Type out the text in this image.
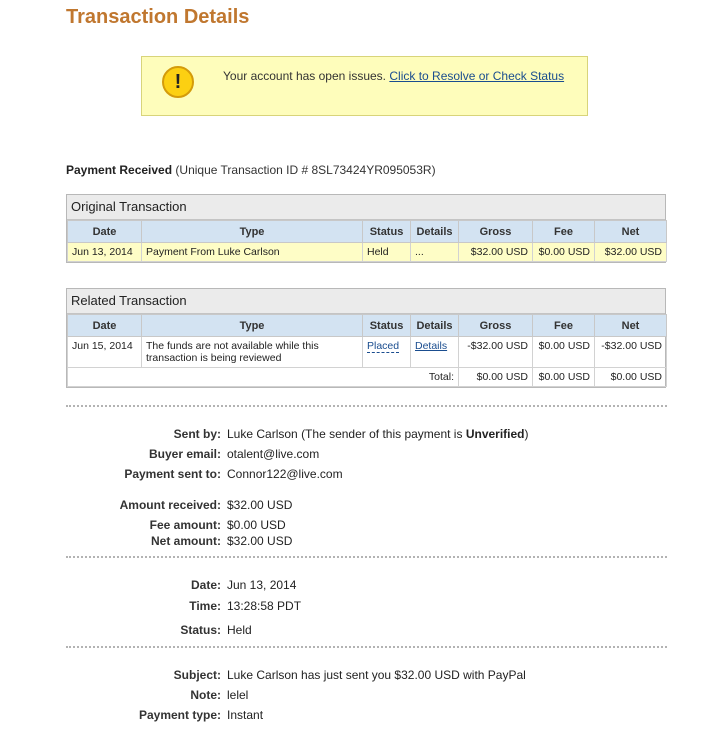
Transaction Details
!	Your account has open issues. Click to Resolve or Check Status
Payment Received (Unique Transaction ID # 8SL73424YR095053R)
Original Transaction
Date	Type	Status	Details	Gross	Fee	Net
Jun 13, 2014	Payment From Luke Carlson	Held	...	$32.00 USD	$0.00 USD	$32.00 USD
Related Transaction
Date	Type	Status	Details	Gross	Fee	Net
Jun 15, 2014	The funds are not available while this transaction is being reviewed	Placed	Details	-$32.00 USD	$0.00 USD	-$32.00 USD
Total:				$0.00 USD	$0.00 USD	$0.00 USD
Sent by: Luke Carlson (The sender of this payment is Unverified)
Buyer email: otalent@live.com
Payment sent to: Connor122@live.com
Amount received: $32.00 USD
Fee amount: $0.00 USD
Net amount: $32.00 USD
Date: Jun 13, 2014
Time: 13:28:58 PDT
Status: Held
Subject: Luke Carlson has just sent you $32.00 USD with PayPal
Note: lelel
Payment type: Instant
